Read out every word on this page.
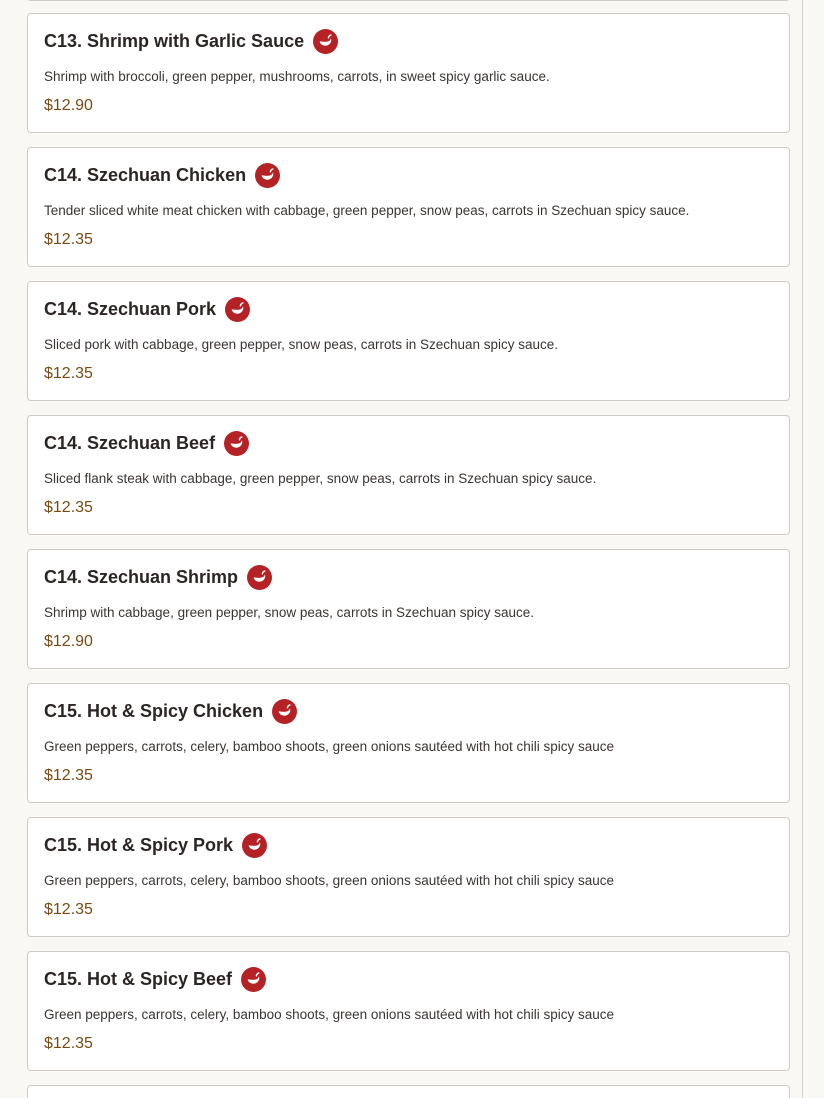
C13. Shrimp with Garlic Sauce
Shrimp with broccoli, green pepper, mushrooms, carrots, in sweet spicy garlic sauce.
$12.90
C14. Szechuan Chicken
Tender sliced white meat chicken with cabbage, green pepper, snow peas, carrots in Szechuan spicy sauce.
$12.35
C14. Szechuan Pork
Sliced pork with cabbage, green pepper, snow peas, carrots in Szechuan spicy sauce.
$12.35
C14. Szechuan Beef
Sliced flank steak with cabbage, green pepper, snow peas, carrots in Szechuan spicy sauce.
$12.35
C14. Szechuan Shrimp
Shrimp with cabbage, green pepper, snow peas, carrots in Szechuan spicy sauce.
$12.90
C15. Hot & Spicy Chicken
Green peppers, carrots, celery, bamboo shoots, green onions sautéed with hot chili spicy sauce
$12.35
C15. Hot & Spicy Pork
Green peppers, carrots, celery, bamboo shoots, green onions sautéed with hot chili spicy sauce
$12.35
C15. Hot & Spicy Beef
Green peppers, carrots, celery, bamboo shoots, green onions sautéed with hot chili spicy sauce
$12.35
